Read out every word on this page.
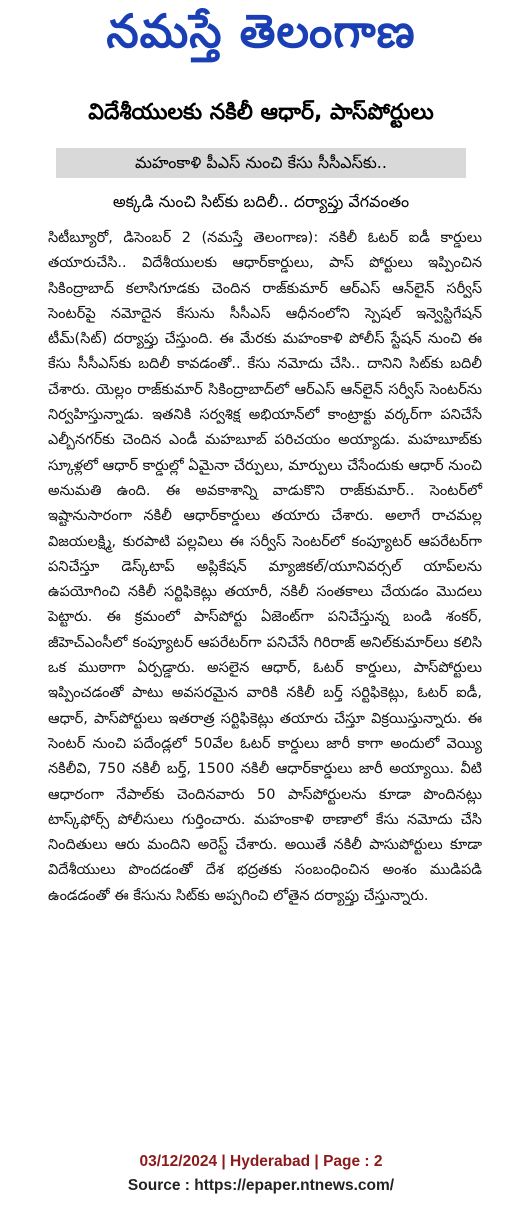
నమస్తే తెలంగాణ
విదేశీయులకు నకిలీ ఆధార్, పాస్‌పోర్టులు
మహంకాళి పీఎస్ నుంచి కేసు సీసీఎస్‌కు..
అక్కడి నుంచి సిట్‌కు బదిలీ.. దర్యాప్తు వేగవంతం

సిటీబ్యూరో, డిసెంబర్ 2 (నమస్తే తెలంగాణ): నకిలీ ఓటర్ ఐడీ కార్డులు తయారుచేసి.. విదేశీయులకు ఆధార్‌కార్డులు, పాస్ పోర్టులు ఇప్పించిన సికింద్రాబాద్ కలాసిగూడకు చెందిన రాజ్‌కుమార్ ఆర్‌ఎస్ ఆన్‌లైన్ సర్వీస్ సెంటర్‌పై నమోదైన కేసును సీసీఎస్ ఆధీనంలోని స్పెషల్ ఇన్వెస్టిగేషన్ టీమ్(సిట్) దర్యాప్తు చేస్తుంది. ఈ మేరకు మహంకాళి పోలీస్ స్టేషన్ నుంచి ఈ కేసు సీసీఎస్‌కు బదిలీ కావడంతో.. కేసు నమోదు చేసి.. దానిని సిట్‌కు బదిలీ చేశారు. యెల్లం రాజ్‌కుమార్ సికింద్రాబాద్‌లో ఆర్‌ఎస్ ఆన్‌లైన్ సర్వీస్ సెంటర్‌ను నిర్వహిస్తున్నాడు. ఇతనికి సర్వశిక్ష అభియాన్‌లో కాంట్రాక్టు వర్కర్‌గా పనిచేసే ఎల్బీనగర్‌కు చెందిన ఎండీ మహబూబ్ పరిచయం అయ్యాడు. మహబూబ్‌కు స్కూళ్లలో ఆధార్ కార్డుల్లో ఏమైనా చేర్పులు, మార్పులు చేసేందుకు ఆధార్ నుంచి అనుమతి ఉంది. ఈ అవకాశాన్ని వాడుకొని రాజ్‌కుమార్.. సెంటర్‌లో ఇష్టానుసారంగా నకిలీ ఆధార్‌కార్డులు తయారు చేశారు. అలాగే రాచమల్ల విజయలక్ష్మి, కురపాటి పల్లవిలు ఈ సర్వీస్ సెంటర్‌లో కంప్యూటర్ ఆపరేటర్‌గా పనిచేస్తూ డెస్క్‌టాప్ అప్లికేషన్ మ్యాజికల్/యూనివర్సల్ యాప్‌లను ఉపయోగించి నకిలీ సర్టిఫికెట్లు తయారీ, నకిలీ సంతకాలు చేయడం మొదలు పెట్టారు. ఈ క్రమంలో పాస్‌పోర్టు ఏజెంట్‌గా పనిచేస్తున్న బండి శంకర్, జీహెచ్‌ఎంసీలో కంప్యూటర్ ఆపరేటర్‌గా పనిచేసే గిరిరాజ్ అనిల్‌కుమార్‌లు కలిసి ఒక ముఠాగా ఏర్పడ్డారు. అసలైన ఆధార్, ఓటర్ కార్డులు, పాస్‌పోర్టులు ఇప్పించడంతో పాటు అవసరమైన వారికి నకిలీ బర్త్ సర్టిఫికెట్లు, ఓటర్ ఐడీ, ఆధార్, పాస్‌పోర్టులు ఇతరాత్ర సర్టిఫికెట్లు తయారు చేస్తూ విక్రయిస్తున్నారు. ఈ సెంటర్ నుంచి పదేండ్లలో 50వేల ఓటర్ కార్డులు జారీ కాగా అందులో వెయ్యి నకిలీవి, 750 నకిలీ బర్త్, 1500 నకిలీ ఆధార్‌కార్డులు జారీ అయ్యాయి. వీటి ఆధారంగా నేపాల్‌కు చెందినవారు 50 పాస్‌పోర్టులను కూడా పొందినట్లు టాస్క్‌ఫోర్స్ పోలీసులు గుర్తించారు. మహంకాళి ఠాణాలో కేసు నమోదు చేసి నిందితులు ఆరు మందిని అరెస్ట్ చేశారు. అయితే నకిలీ పాసుపోర్టులు కూడా విదేశీయులు పొందడంతో దేశ భద్రతకు సంబంధించిన అంశం ముడిపడి ఉండడంతో ఈ కేసును సిట్‌కు అప్పగించి లోతైన దర్యాప్తు చేస్తున్నారు.

03/12/2024 | Hyderabad | Page : 2
Source : https://epaper.ntnews.com/
